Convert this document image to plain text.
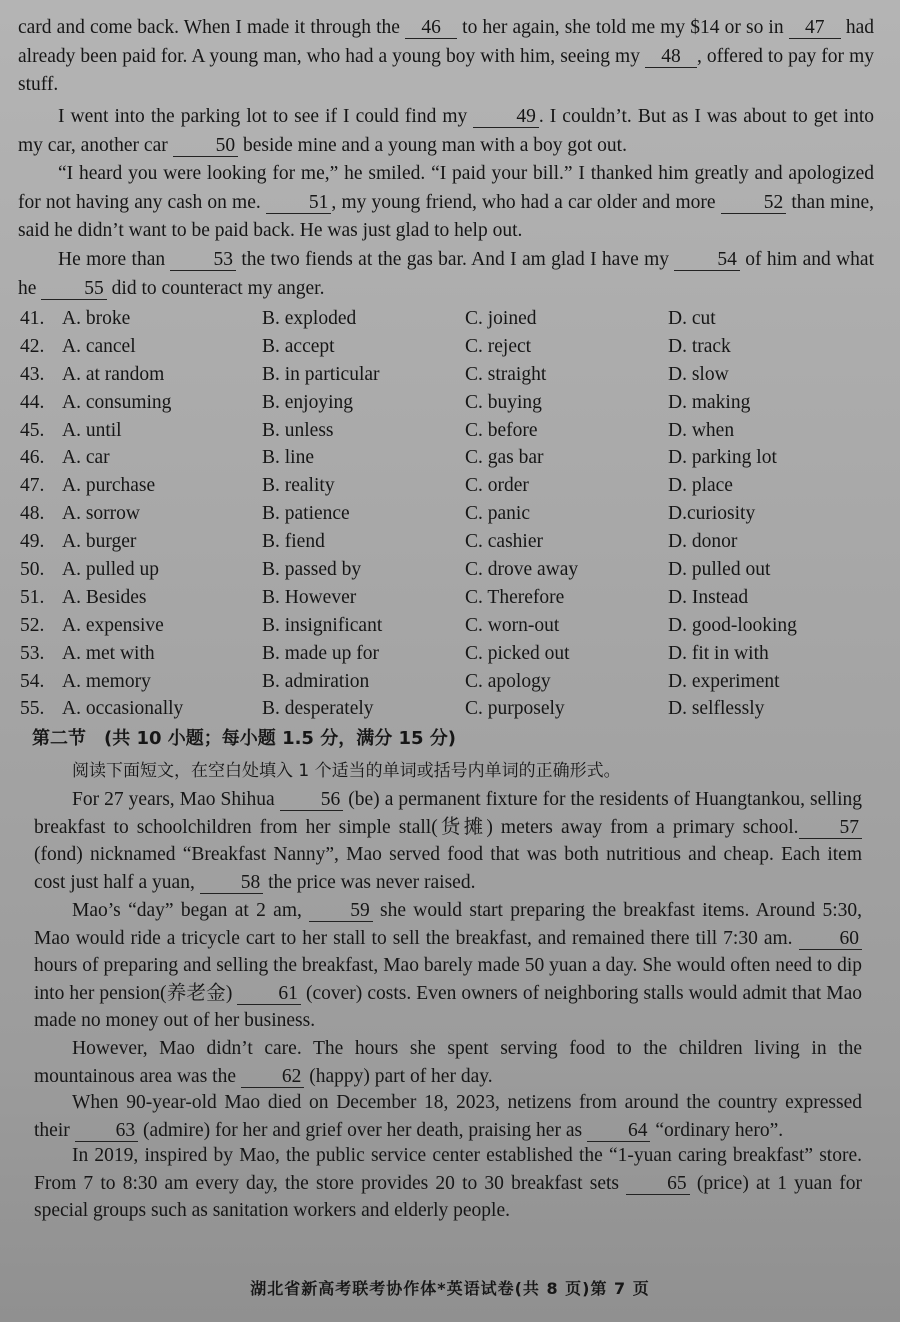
card and come back. When I made it through the 46 to her again, she told me my $14 or so in 47 had already been paid for. A young man, who had a young boy with him, seeing my 48 , offered to pay for my stuff.
I went into the parking lot to see if I could find my 49 . I couldn’t. But as I was about to get into my car, another car 50 beside mine and a young man with a boy got out.
“I heard you were looking for me,” he smiled. “I paid your bill.” I thanked him greatly and apologized for not having any cash on me. 51 , my young friend, who had a car older and more 52 than mine, said he didn’t want to be paid back. He was just glad to help out.
He more than 53 the two fiends at the gas bar. And I am glad I have my 54 of him and what he 55 did to counteract my anger.
41. A. broke	B. exploded	C. joined	D. cut
42. A. cancel	B. accept	C. reject	D. track
43. A. at random	B. in particular	C. straight	D. slow
44. A. consuming	B. enjoying	C. buying	D. making
45. A. until	B. unless	C. before	D. when
46. A. car	B. line	C. gas bar	D. parking lot
47. A. purchase	B. reality	C. order	D. place
48. A. sorrow	B. patience	C. panic	D.curiosity
49. A. burger	B. fiend	C. cashier	D. donor
50. A. pulled up	B. passed by	C. drove away	D. pulled out
51. A. Besides	B. However	C. Therefore	D. Instead
52. A. expensive	B. insignificant	C. worn-out	D. good-looking
53. A. met with	B. made up for	C. picked out	D. fit in with
54. A. memory	B. admiration	C. apology	D. experiment
55. A. occasionally	B. desperately	C. purposely	D. selflessly
第二节　(共 10 小题；每小题 1.5 分，满分 15 分)
阅读下面短文，在空白处填入 1 个适当的单词或括号内单词的正确形式。
For 27 years, Mao Shihua 56 (be) a permanent fixture for the residents of Huangtankou, selling breakfast to schoolchildren from her simple stall(货摊) meters away from a primary school. 57 (fond) nicknamed “Breakfast Nanny”, Mao served food that was both nutritious and cheap. Each item cost just half a yuan, 58 the price was never raised.
Mao’s “day” began at 2 am, 59 she would start preparing the breakfast items. Around 5:30, Mao would ride a tricycle cart to her stall to sell the breakfast, and remained there till 7:30 am. 60 hours of preparing and selling the breakfast, Mao barely made 50 yuan a day. She would often need to dip into her pension(养老金) 61 (cover) costs. Even owners of neighboring stalls would admit that Mao made no money out of her business.
However, Mao didn’t care. The hours she spent serving food to the children living in the mountainous area was the 62 (happy) part of her day.
When 90-year-old Mao died on December 18, 2023, netizens from around the country expressed their 63 (admire) for her and grief over her death, praising her as 64 “ordinary hero”.
In 2019, inspired by Mao, the public service center established the “1-yuan caring breakfast” store. From 7 to 8:30 am every day, the store provides 20 to 30 breakfast sets 65 (price) at 1 yuan for special groups such as sanitation workers and elderly people.
湖北省新高考联考协作体*英语试卷(共 8 页)第 7 页
